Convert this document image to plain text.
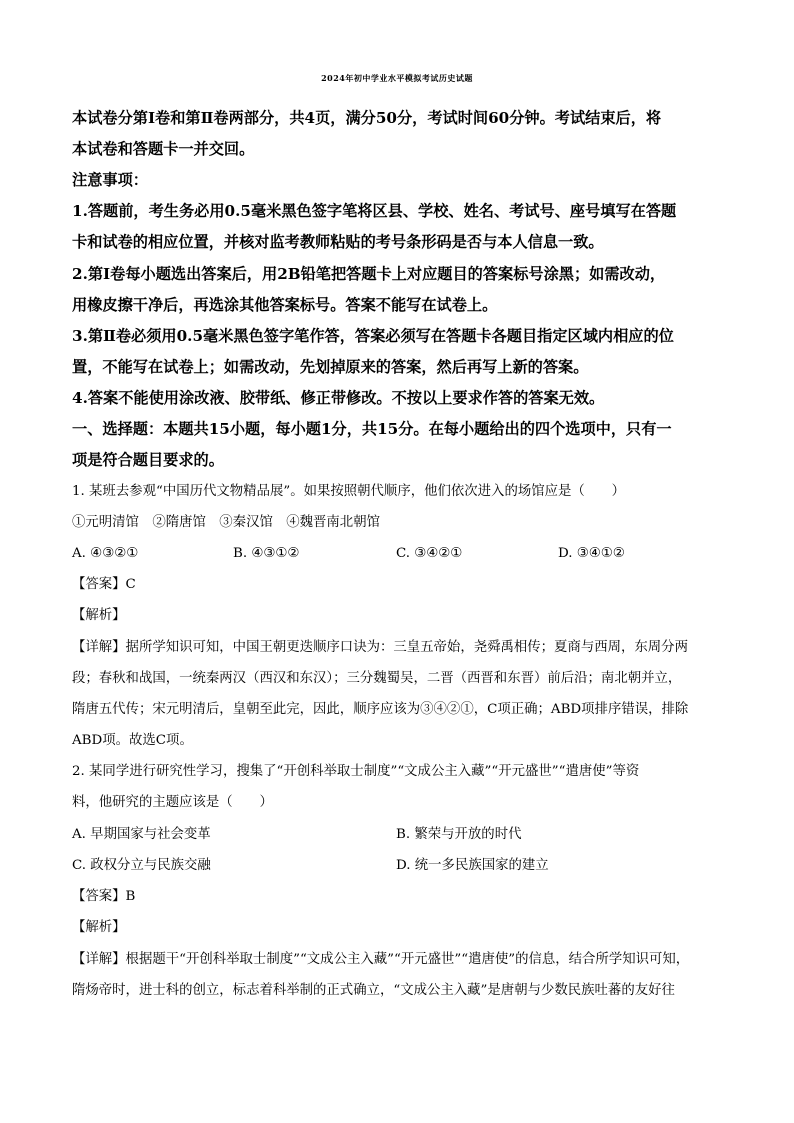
2024年初中学业水平模拟考试历史试题
本试卷分第Ⅰ卷和第Ⅱ卷两部分，共4页，满分50分，考试时间60分钟。考试结束后，将
本试卷和答题卡一并交回。
注意事项：
1.答题前，考生务必用0.5毫米黑色签字笔将区县、学校、姓名、考试号、座号填写在答题
卡和试卷的相应位置，并核对监考教师粘贴的考号条形码是否与本人信息一致。
2.第Ⅰ卷每小题选出答案后，用2B铅笔把答题卡上对应题目的答案标号涂黑；如需改动，
用橡皮擦干净后，再选涂其他答案标号。答案不能写在试卷上。
3.第Ⅱ卷必须用0.5毫米黑色签字笔作答，答案必须写在答题卡各题目指定区域内相应的位
置，不能写在试卷上；如需改动，先划掉原来的答案，然后再写上新的答案。
4.答案不能使用涂改液、胶带纸、修正带修改。不按以上要求作答的答案无效。
一、选择题：本题共15小题，每小题1分，共15分。在每小题给出的四个选项中，只有一
项是符合题目要求的。
1. 某班去参观“中国历代文物精品展”。如果按照朝代顺序，他们依次进入的场馆应是（　　）
①元明清馆　②隋唐馆　③秦汉馆　④魏晋南北朝馆
A. ④③②①	B. ④③①②	C. ③④②①	D. ③④①②
【答案】C
【解析】
【详解】据所学知识可知，中国王朝更迭顺序口诀为：三皇五帝始，尧舜禹相传；夏商与西周，东周分两
段；春秋和战国，一统秦两汉（西汉和东汉）；三分魏蜀吴，二晋（西晋和东晋）前后沿；南北朝并立，
隋唐五代传；宋元明清后，皇朝至此完，因此，顺序应该为③④②①，C项正确；ABD项排序错误，排除
ABD项。故选C项。
2. 某同学进行研究性学习，搜集了“开创科举取士制度”“文成公主入藏”“开元盛世”“遣唐使”等资
料，他研究的主题应该是（　　）
A. 早期国家与社会变革	B. 繁荣与开放的时代
C. 政权分立与民族交融	D. 统一多民族国家的建立
【答案】B
【解析】
【详解】根据题干“开创科举取士制度”“文成公主入藏”“开元盛世”“遣唐使”的信息，结合所学知识可知，
隋炀帝时，进士科的创立，标志着科举制的正式确立，“文成公主入藏”是唐朝与少数民族吐蕃的友好往
